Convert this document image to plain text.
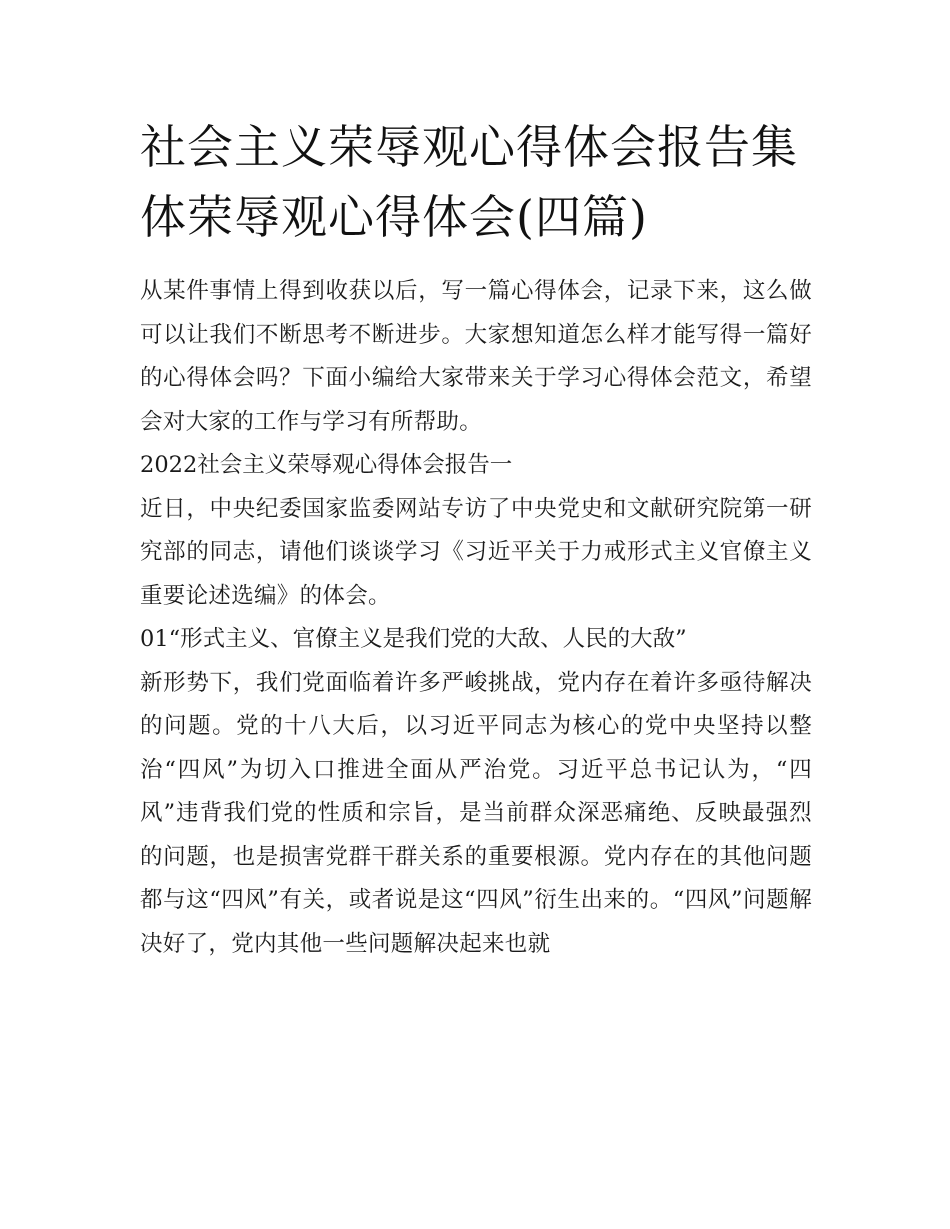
社会主义荣辱观心得体会报告集体荣辱观心得体会(四篇)

从某件事情上得到收获以后，写一篇心得体会，记录下来，这么做可以让我们不断思考不断进步。大家想知道怎么样才能写得一篇好的心得体会吗？下面小编给大家带来关于学习心得体会范文，希望会对大家的工作与学习有所帮助。

2022社会主义荣辱观心得体会报告一

近日，中央纪委国家监委网站专访了中央党史和文献研究院第一研究部的同志，请他们谈谈学习《习近平关于力戒形式主义官僚主义重要论述选编》的体会。

01“形式主义、官僚主义是我们党的大敌、人民的大敌”

新形势下，我们党面临着许多严峻挑战，党内存在着许多亟待解决的问题。党的十八大后，以习近平同志为核心的党中央坚持以整治“四风”为切入口推进全面从严治党。习近平总书记认为，“四风”违背我们党的性质和宗旨，是当前群众深恶痛绝、反映最强烈的问题，也是损害党群干群关系的重要根源。党内存在的其他问题都与这“四风”有关，或者说是这“四风”衍生出来的。“四风”问题解决好了，党内其他一些问题解决起来也就
